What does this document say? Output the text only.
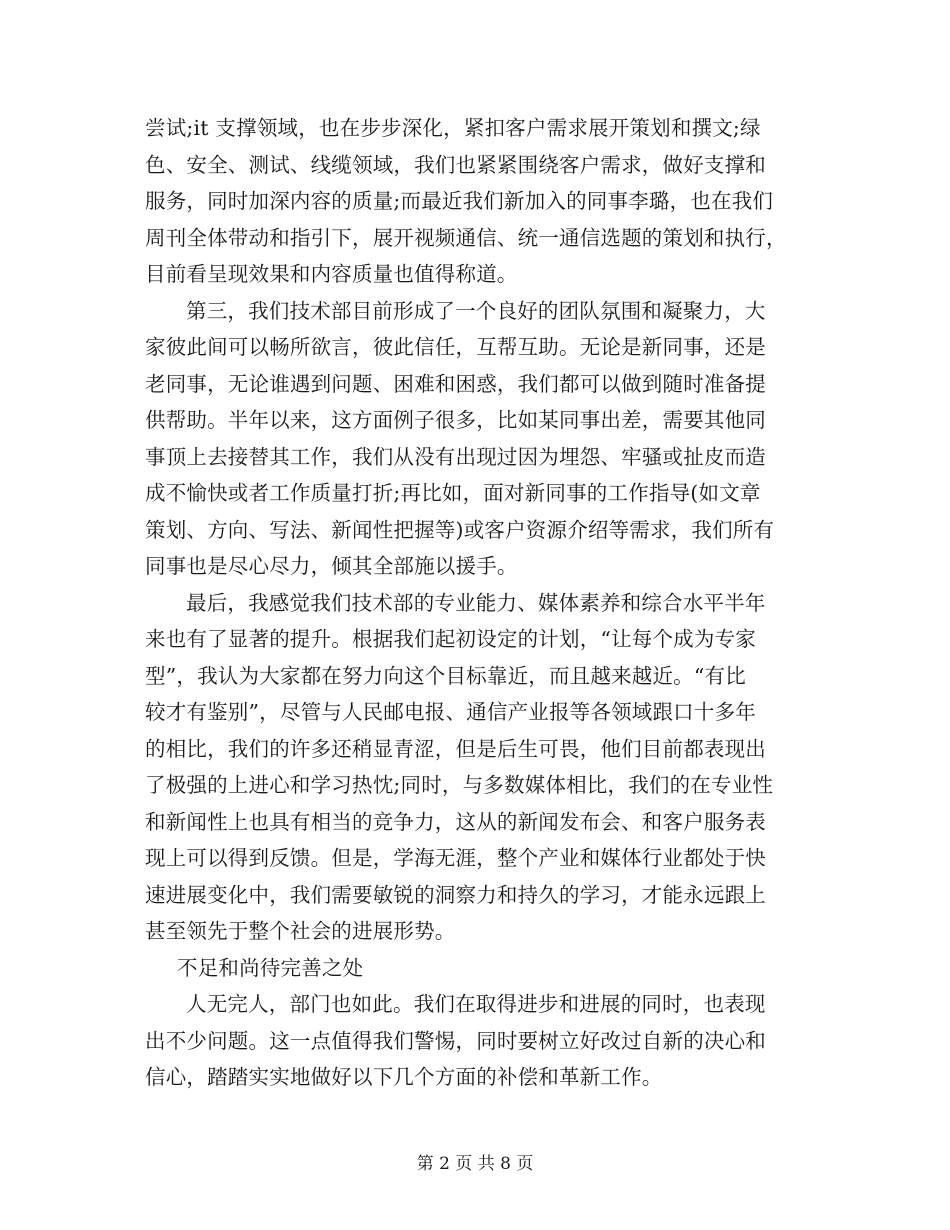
尝试;it 支撑领域，也在步步深化，紧扣客户需求展开策划和撰文;绿
色、安全、测试、线缆领域，我们也紧紧围绕客户需求，做好支撑和
服务，同时加深内容的质量;而最近我们新加入的同事李璐，也在我们
周刊全体带动和指引下，展开视频通信、统一通信选题的策划和执行，
目前看呈现效果和内容质量也值得称道。
第三，我们技术部目前形成了一个良好的团队氛围和凝聚力，大
家彼此间可以畅所欲言，彼此信任，互帮互助。无论是新同事，还是
老同事，无论谁遇到问题、困难和困惑，我们都可以做到随时准备提
供帮助。半年以来，这方面例子很多，比如某同事出差，需要其他同
事顶上去接替其工作，我们从没有出现过因为埋怨、牢骚或扯皮而造
成不愉快或者工作质量打折;再比如，面对新同事的工作指导(如文章
策划、方向、写法、新闻性把握等)或客户资源介绍等需求，我们所有
同事也是尽心尽力，倾其全部施以援手。
最后，我感觉我们技术部的专业能力、媒体素养和综合水平半年
来也有了显著的提升。根据我们起初设定的计划，“让每个成为专家
型”，我认为大家都在努力向这个目标靠近，而且越来越近。“有比
较才有鉴别”，尽管与人民邮电报、通信产业报等各领域跟口十多年
的相比，我们的许多还稍显青涩，但是后生可畏，他们目前都表现出
了极强的上进心和学习热忱;同时，与多数媒体相比，我们的在专业性
和新闻性上也具有相当的竞争力，这从的新闻发布会、和客户服务表
现上可以得到反馈。但是，学海无涯，整个产业和媒体行业都处于快
速进展变化中，我们需要敏锐的洞察力和持久的学习，才能永远跟上
甚至领先于整个社会的进展形势。
不足和尚待完善之处
人无完人，部门也如此。我们在取得进步和进展的同时，也表现
出不少问题。这一点值得我们警惕，同时要树立好改过自新的决心和
信心，踏踏实实地做好以下几个方面的补偿和革新工作。
第 2 页 共 8 页
